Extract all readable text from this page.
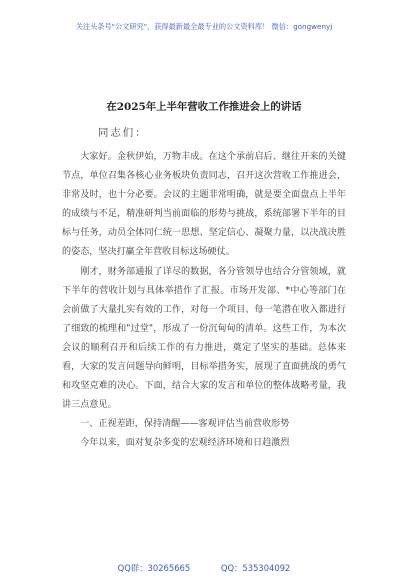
关注头条号"公文研究"，获得最新最全最专业的公文资料库！ 微信：gongwenyj
在2025年上半年营收工作推进会上的讲话
同志们：

大家好。金秋伊始，万物丰成。在这个承前启后、继往开来的关键节点，单位召集各核心业务板块负责同志，召开这次营收工作推进会，非常及时，也十分必要。会议的主题非常明确，就是要全面盘点上半年的成绩与不足，精准研判当前面临的形势与挑战，系统部署下半年的目标与任务，动员全体同仁统一思想、坚定信心、凝聚力量，以决战决胜的姿态，坚决打赢全年营收目标这场硬仗。

刚才，财务部通报了详尽的数据，各分管领导也结合分管领域，就下半年的营收计划与具体举措作了汇报。市场开发部、*中心等部门在会前做了大量扎实有效的工作，对每一个项目、每一笔潜在收入都进行了细致的梳理和"过堂"，形成了一份沉甸甸的清单。这些工作，为本次会议的顺利召开和后续工作的有力推进，奠定了坚实的基础。总体来看，大家的发言问题导向鲜明，目标举措务实，展现了直面挑战的勇气和攻坚克难的决心。下面，结合大家的发言和单位的整体战略考量，我讲三点意见。

一、正视差距，保持清醒——客观评估当前营收形势

今年以来，面对复杂多变的宏观经济环境和日趋激烈

QQ群：30265665	QQ：535304092
